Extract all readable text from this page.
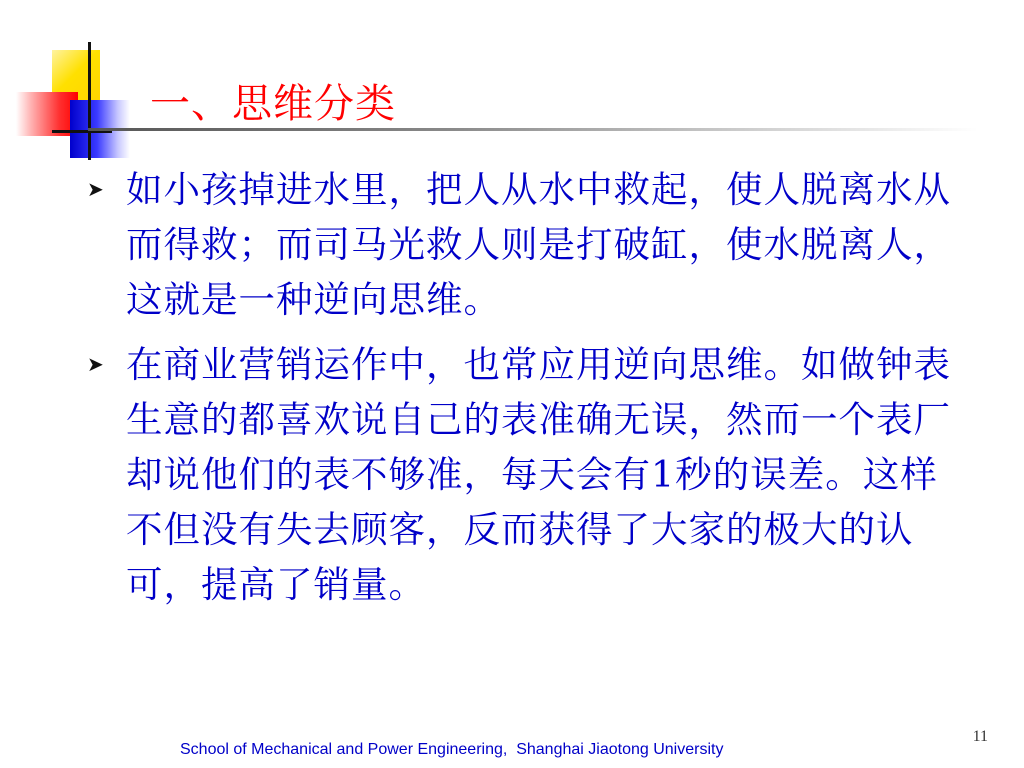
一、思维分类
➤ 如小孩掉进水里，把人从水中救起，使人脱离水从而得救；而司马光救人则是打破缸，使水脱离人，这就是一种逆向思维。
➤ 在商业营销运作中，也常应用逆向思维。如做钟表生意的都喜欢说自己的表准确无误，然而一个表厂却说他们的表不够准，每天会有1秒的误差。这样不但没有失去顾客，反而获得了大家的极大的认可，提高了销量。
School of Mechanical and Power Engineering,  Shanghai Jiaotong University
11
